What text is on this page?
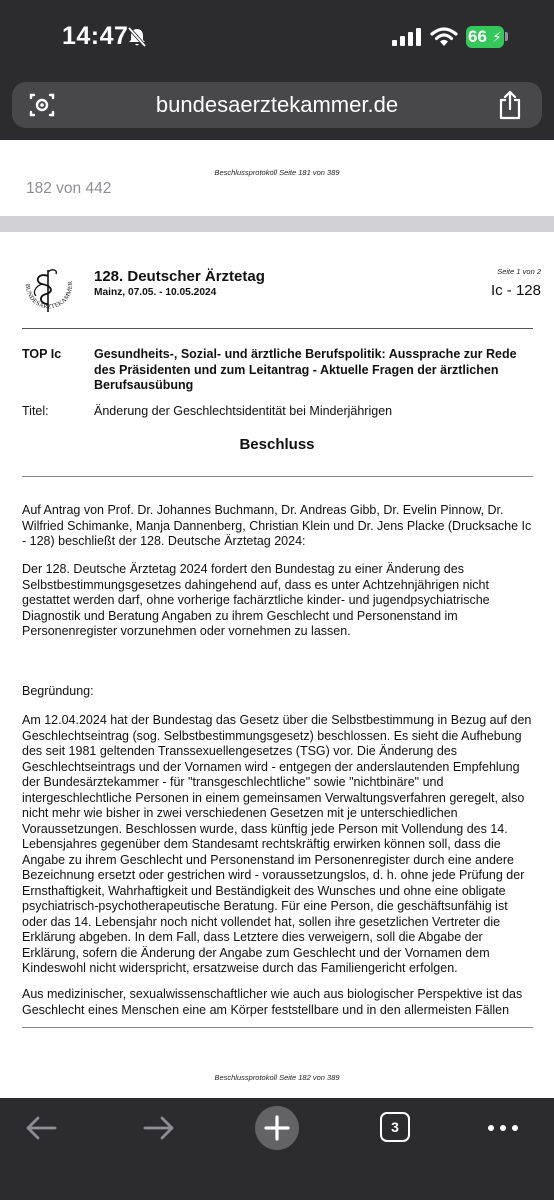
14:47	66 ⚡
bundesaerztekammer.de
Beschlussprotokoll Seite 181 von 389
182 von 442
BUNDESÄRZTEKAMMER 128. Deutscher Ärztetag
Mainz, 07.05. - 10.05.2024
Seite 1 von 2
Ic - 128
TOP Ic	Gesundheits-, Sozial- und ärztliche Berufspolitik: Aussprache zur Rede des Präsidenten und zum Leitantrag - Aktuelle Fragen der ärztlichen Berufsausübung
Titel:	Änderung der Geschlechtsidentität bei Minderjährigen
Beschluss
Auf Antrag von Prof. Dr. Johannes Buchmann, Dr. Andreas Gibb, Dr. Evelin Pinnow, Dr. Wilfried Schimanke, Manja Dannenberg, Christian Klein und Dr. Jens Placke (Drucksache Ic - 128) beschließt der 128. Deutsche Ärztetag 2024:
Der 128. Deutsche Ärztetag 2024 fordert den Bundestag zu einer Änderung des Selbstbestimmungsgesetzes dahingehend auf, dass es unter Achtzehnjährigen nicht gestattet werden darf, ohne vorherige fachärztliche kinder- und jugendpsychiatrische Diagnostik und Beratung Angaben zu ihrem Geschlecht und Personenstand im Personenregister vorzunehmen oder vornehmen zu lassen.
Begründung:
Am 12.04.2024 hat der Bundestag das Gesetz über die Selbstbestimmung in Bezug auf den Geschlechtseintrag (sog. Selbstbestimmungsgesetz) beschlossen. Es sieht die Aufhebung des seit 1981 geltenden Transsexuellengesetzes (TSG) vor. Die Änderung des Geschlechtseintrags und der Vornamen wird - entgegen der anderslautenden Empfehlung der Bundesärztekammer - für "transgeschlechtliche" sowie "nichtbinäre" und intergeschlechtliche Personen in einem gemeinsamen Verwaltungsverfahren geregelt, also nicht mehr wie bisher in zwei verschiedenen Gesetzen mit je unterschiedlichen Voraussetzungen. Beschlossen wurde, dass künftig jede Person mit Vollendung des 14. Lebensjahres gegenüber dem Standesamt rechtskräftig erwirken können soll, dass die Angabe zu ihrem Geschlecht und Personenstand im Personenregister durch eine andere Bezeichnung ersetzt oder gestrichen wird - voraussetzungslos, d. h. ohne jede Prüfung der Ernsthaftigkeit, Wahrhaftigkeit und Beständigkeit des Wunsches und ohne eine obligate psychiatrisch-psychotherapeutische Beratung. Für eine Person, die geschäftsunfähig ist oder das 14. Lebensjahr noch nicht vollendet hat, sollen ihre gesetzlichen Vertreter die Erklärung abgeben. In dem Fall, dass Letztere dies verweigern, soll die Abgabe der Erklärung, sofern die Änderung der Angabe zum Geschlecht und der Vornamen dem Kindeswohl nicht widerspricht, ersatzweise durch das Familiengericht erfolgen.
Aus medizinischer, sexualwissenschaftlicher wie auch aus biologischer Perspektive ist das Geschlecht eines Menschen eine am Körper feststellbare und in den allermeisten Fällen
Beschlussprotokoll Seite 182 von 389
3
